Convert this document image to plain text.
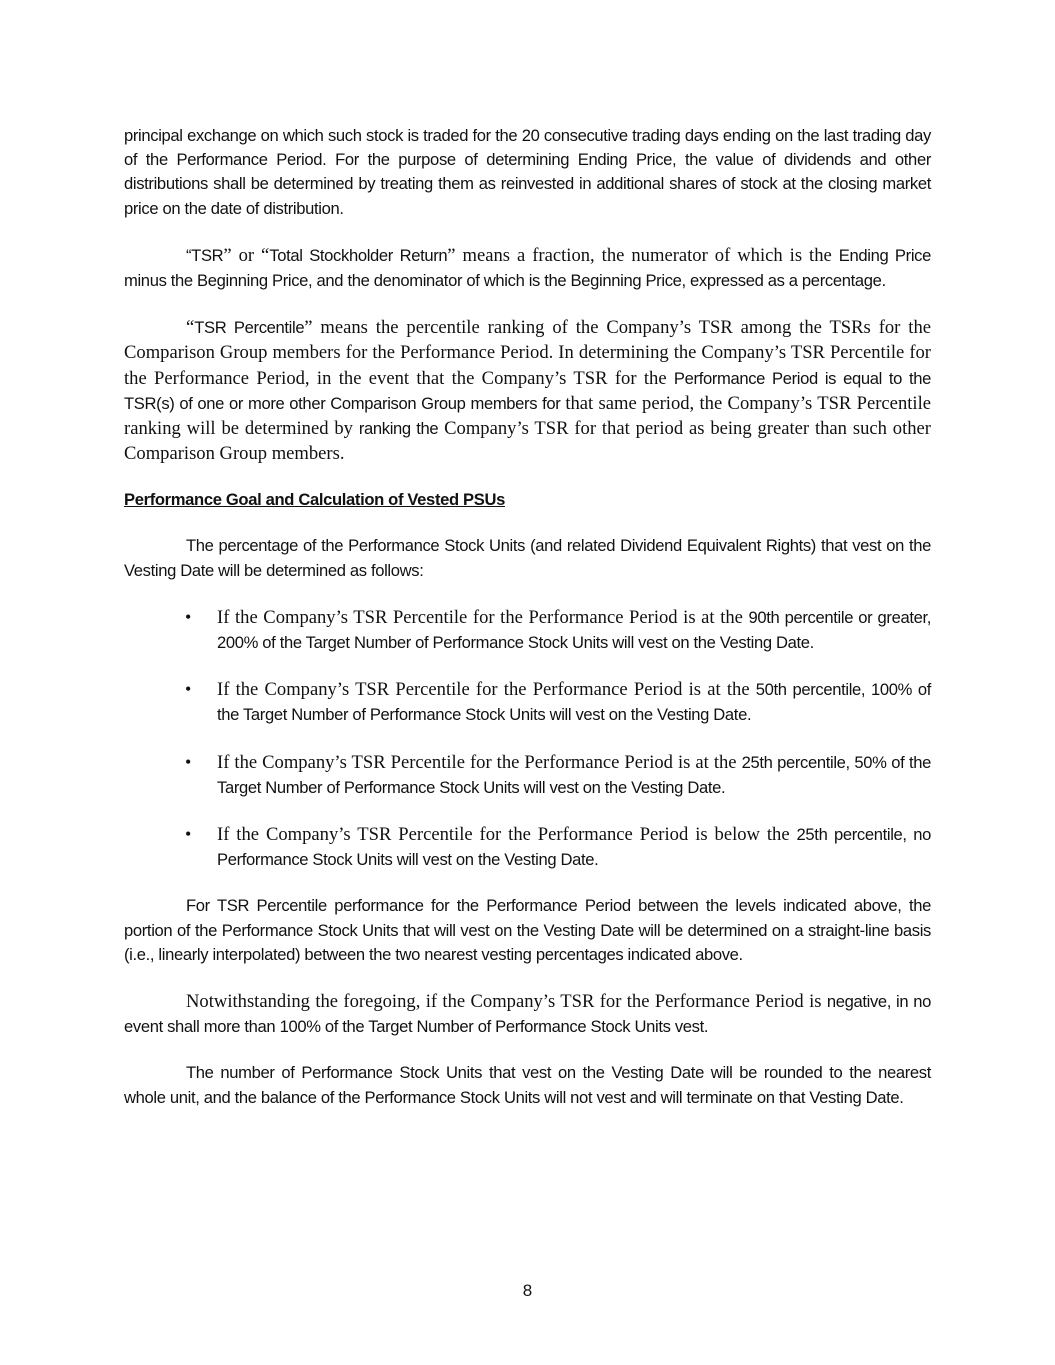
principal exchange on which such stock is traded for the 20 consecutive trading days ending on the last trading day of the Performance Period. For the purpose of determining Ending Price, the value of dividends and other distributions shall be determined by treating them as reinvested in additional shares of stock at the closing market price on the date of distribution.

“TSR” or “Total Stockholder Return” means a fraction, the numerator of which is the Ending Price minus the Beginning Price, and the denominator of which is the Beginning Price, expressed as a percentage.

“TSR Percentile” means the percentile ranking of the Company’s TSR among the TSRs for the Comparison Group members for the Performance Period. In determining the Company’s TSR Percentile for the Performance Period, in the event that the Company’s TSR for the Performance Period is equal to the TSR(s) of one or more other Comparison Group members for that same period, the Company’s TSR Percentile ranking will be determined by ranking the Company’s TSR for that period as being greater than such other Comparison Group members.

Performance Goal and Calculation of Vested PSUs

The percentage of the Performance Stock Units (and related Dividend Equivalent Rights) that vest on the Vesting Date will be determined as follows:

• If the Company’s TSR Percentile for the Performance Period is at the 90th percentile or greater, 200% of the Target Number of Performance Stock Units will vest on the Vesting Date.
• If the Company’s TSR Percentile for the Performance Period is at the 50th percentile, 100% of the Target Number of Performance Stock Units will vest on the Vesting Date.
• If the Company’s TSR Percentile for the Performance Period is at the 25th percentile, 50% of the Target Number of Performance Stock Units will vest on the Vesting Date.
• If the Company’s TSR Percentile for the Performance Period is below the 25th percentile, no Performance Stock Units will vest on the Vesting Date.

For TSR Percentile performance for the Performance Period between the levels indicated above, the portion of the Performance Stock Units that will vest on the Vesting Date will be determined on a straight-line basis (i.e., linearly interpolated) between the two nearest vesting percentages indicated above.

Notwithstanding the foregoing, if the Company’s TSR for the Performance Period is negative, in no event shall more than 100% of the Target Number of Performance Stock Units vest.

The number of Performance Stock Units that vest on the Vesting Date will be rounded to the nearest whole unit, and the balance of the Performance Stock Units will not vest and will terminate on that Vesting Date.

8
